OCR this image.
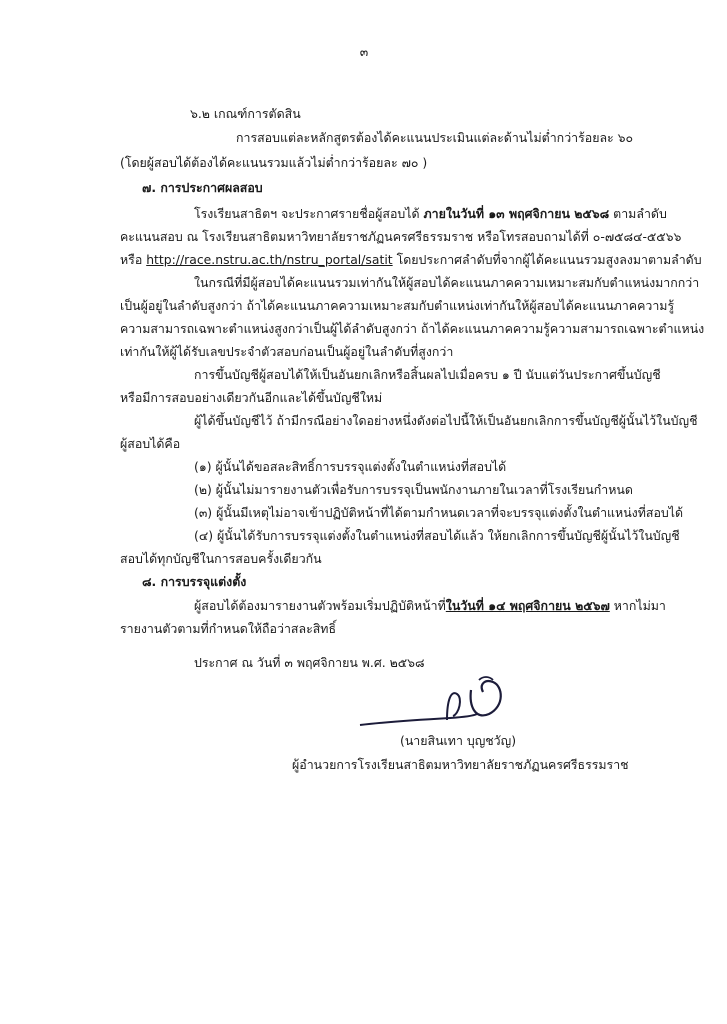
๓
๖.๒ เกณฑ์การตัดสิน
การสอบแต่ละหลักสูตรต้องได้คะแนนประเมินแต่ละด้านไม่ต่ำกว่าร้อยละ ๖๐
(โดยผู้สอบได้ต้องได้คะแนนรวมแล้วไม่ต่ำกว่าร้อยละ ๗๐ )
๗. การประกาศผลสอบ
โรงเรียนสาธิตฯ จะประกาศรายชื่อผู้สอบได้ ภายในวันที่ ๑๓ พฤศจิกายน ๒๕๖๘ ตามลำดับ
คะแนนสอบ ณ โรงเรียนสาธิตมหาวิทยาลัยราชภัฏนครศรีธรรมราช หรือโทรสอบถามได้ที่ ๐-๗๕๘๔-๕๕๖๖
หรือ http://race.nstru.ac.th/nstru_portal/satit โดยประกาศลำดับที่จากผู้ได้คะแนนรวมสูงลงมาตามลำดับ
ในกรณีที่มีผู้สอบได้คะแนนรวมเท่ากันให้ผู้สอบได้คะแนนภาคความเหมาะสมกับตำแหน่งมากกว่า
เป็นผู้อยู่ในลำดับสูงกว่า ถ้าได้คะแนนภาคความเหมาะสมกับตำแหน่งเท่ากันให้ผู้สอบได้คะแนนภาคความรู้
ความสามารถเฉพาะตำแหน่งสูงกว่าเป็นผู้ได้ลำดับสูงกว่า ถ้าได้คะแนนภาคความรู้ความสามารถเฉพาะตำแหน่ง
เท่ากันให้ผู้ได้รับเลขประจำตัวสอบก่อนเป็นผู้อยู่ในลำดับที่สูงกว่า
การขึ้นบัญชีผู้สอบได้ให้เป็นอันยกเลิกหรือสิ้นผลไปเมื่อครบ ๑ ปี นับแต่วันประกาศขึ้นบัญชี
หรือมีการสอบอย่างเดียวกันอีกและได้ขึ้นบัญชีใหม่
ผู้ได้ขึ้นบัญชีไว้ ถ้ามีกรณีอย่างใดอย่างหนึ่งดังต่อไปนี้ให้เป็นอันยกเลิกการขึ้นบัญชีผู้นั้นไว้ในบัญชี
ผู้สอบได้คือ
(๑) ผู้นั้นได้ขอสละสิทธิ์การบรรจุแต่งตั้งในตำแหน่งที่สอบได้
(๒) ผู้นั้นไม่มารายงานตัวเพื่อรับการบรรจุเป็นพนักงานภายในเวลาที่โรงเรียนกำหนด
(๓) ผู้นั้นมีเหตุไม่อาจเข้าปฏิบัติหน้าที่ได้ตามกำหนดเวลาที่จะบรรจุแต่งตั้งในตำแหน่งที่สอบได้
(๔) ผู้นั้นได้รับการบรรจุแต่งตั้งในตำแหน่งที่สอบได้แล้ว ให้ยกเลิกการขึ้นบัญชีผู้นั้นไว้ในบัญชี
สอบได้ทุกบัญชีในการสอบครั้งเดียวกัน
๘. การบรรจุแต่งตั้ง
ผู้สอบได้ต้องมารายงานตัวพร้อมเริ่มปฏิบัติหน้าที่ในวันที่ ๑๔ พฤศจิกายน ๒๕๖๗ หากไม่มา
รายงานตัวตามที่กำหนดให้ถือว่าสละสิทธิ์
ประกาศ ณ วันที่ ๓ พฤศจิกายน พ.ศ. ๒๕๖๘
(นายสินเทา บุญชวัญ)
ผู้อำนวยการโรงเรียนสาธิตมหาวิทยาลัยราชภัฏนครศรีธรรมราช
